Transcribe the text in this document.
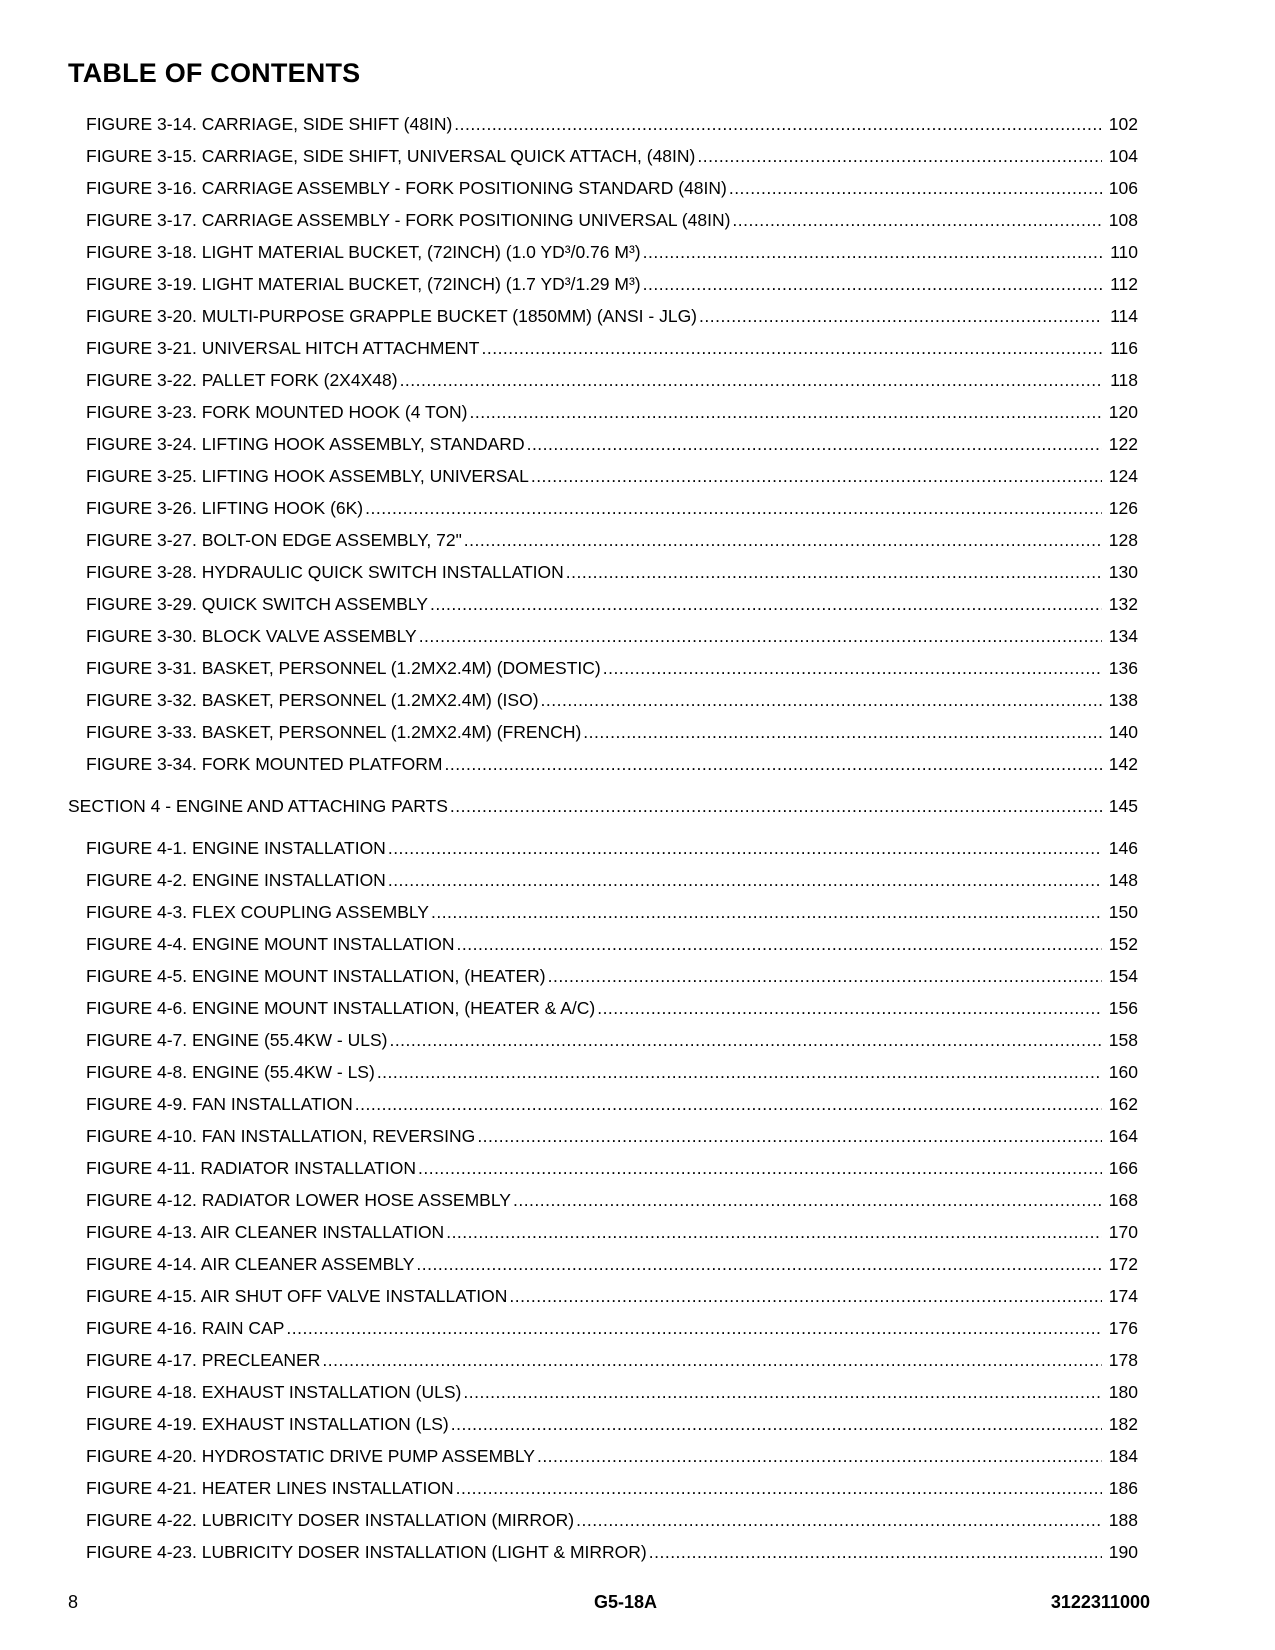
TABLE OF CONTENTS
FIGURE 3-14. CARRIAGE, SIDE SHIFT (48IN) .....	102
FIGURE 3-15. CARRIAGE, SIDE SHIFT, UNIVERSAL QUICK ATTACH, (48IN) .....	104
FIGURE 3-16. CARRIAGE ASSEMBLY - FORK POSITIONING STANDARD (48IN) .....	106
FIGURE 3-17. CARRIAGE ASSEMBLY - FORK POSITIONING UNIVERSAL (48IN) .....	108
FIGURE 3-18. LIGHT MATERIAL BUCKET, (72INCH) (1.0 YD³/0.76 M³) .....	110
FIGURE 3-19. LIGHT MATERIAL BUCKET, (72INCH) (1.7 YD³/1.29 M³) .....	112
FIGURE 3-20. MULTI-PURPOSE GRAPPLE BUCKET (1850MM) (ANSI - JLG) .....	114
FIGURE 3-21. UNIVERSAL HITCH ATTACHMENT .....	116
FIGURE 3-22. PALLET FORK (2X4X48) .....	118
FIGURE 3-23. FORK MOUNTED HOOK (4 TON) .....	120
FIGURE 3-24. LIFTING HOOK ASSEMBLY, STANDARD .....	122
FIGURE 3-25. LIFTING HOOK ASSEMBLY, UNIVERSAL .....	124
FIGURE 3-26. LIFTING HOOK (6K) .....	126
FIGURE 3-27. BOLT-ON EDGE ASSEMBLY, 72" .....	128
FIGURE 3-28. HYDRAULIC QUICK SWITCH INSTALLATION .....	130
FIGURE 3-29. QUICK SWITCH ASSEMBLY .....	132
FIGURE 3-30. BLOCK VALVE ASSEMBLY .....	134
FIGURE 3-31. BASKET, PERSONNEL (1.2MX2.4M) (DOMESTIC) .....	136
FIGURE 3-32. BASKET, PERSONNEL (1.2MX2.4M) (ISO) .....	138
FIGURE 3-33. BASKET, PERSONNEL (1.2MX2.4M) (FRENCH) .....	140
FIGURE 3-34. FORK MOUNTED PLATFORM .....	142
SECTION 4 - ENGINE AND ATTACHING PARTS .....	145
FIGURE 4-1. ENGINE INSTALLATION .....	146
FIGURE 4-2. ENGINE INSTALLATION .....	148
FIGURE 4-3. FLEX COUPLING ASSEMBLY .....	150
FIGURE 4-4. ENGINE MOUNT INSTALLATION .....	152
FIGURE 4-5. ENGINE MOUNT INSTALLATION, (HEATER) .....	154
FIGURE 4-6. ENGINE MOUNT INSTALLATION, (HEATER & A/C) .....	156
FIGURE 4-7. ENGINE (55.4KW - ULS) .....	158
FIGURE 4-8. ENGINE (55.4KW - LS) .....	160
FIGURE 4-9. FAN INSTALLATION .....	162
FIGURE 4-10. FAN INSTALLATION, REVERSING .....	164
FIGURE 4-11. RADIATOR INSTALLATION .....	166
FIGURE 4-12. RADIATOR LOWER HOSE ASSEMBLY .....	168
FIGURE 4-13. AIR CLEANER INSTALLATION .....	170
FIGURE 4-14. AIR CLEANER ASSEMBLY .....	172
FIGURE 4-15. AIR SHUT OFF VALVE INSTALLATION .....	174
FIGURE 4-16. RAIN CAP .....	176
FIGURE 4-17. PRECLEANER .....	178
FIGURE 4-18. EXHAUST INSTALLATION (ULS) .....	180
FIGURE 4-19. EXHAUST INSTALLATION (LS) .....	182
FIGURE 4-20. HYDROSTATIC DRIVE PUMP ASSEMBLY .....	184
FIGURE 4-21. HEATER LINES INSTALLATION .....	186
FIGURE 4-22. LUBRICITY DOSER INSTALLATION (MIRROR) .....	188
FIGURE 4-23. LUBRICITY DOSER INSTALLATION (LIGHT & MIRROR) .....	190
8	G5-18A	3122311000
